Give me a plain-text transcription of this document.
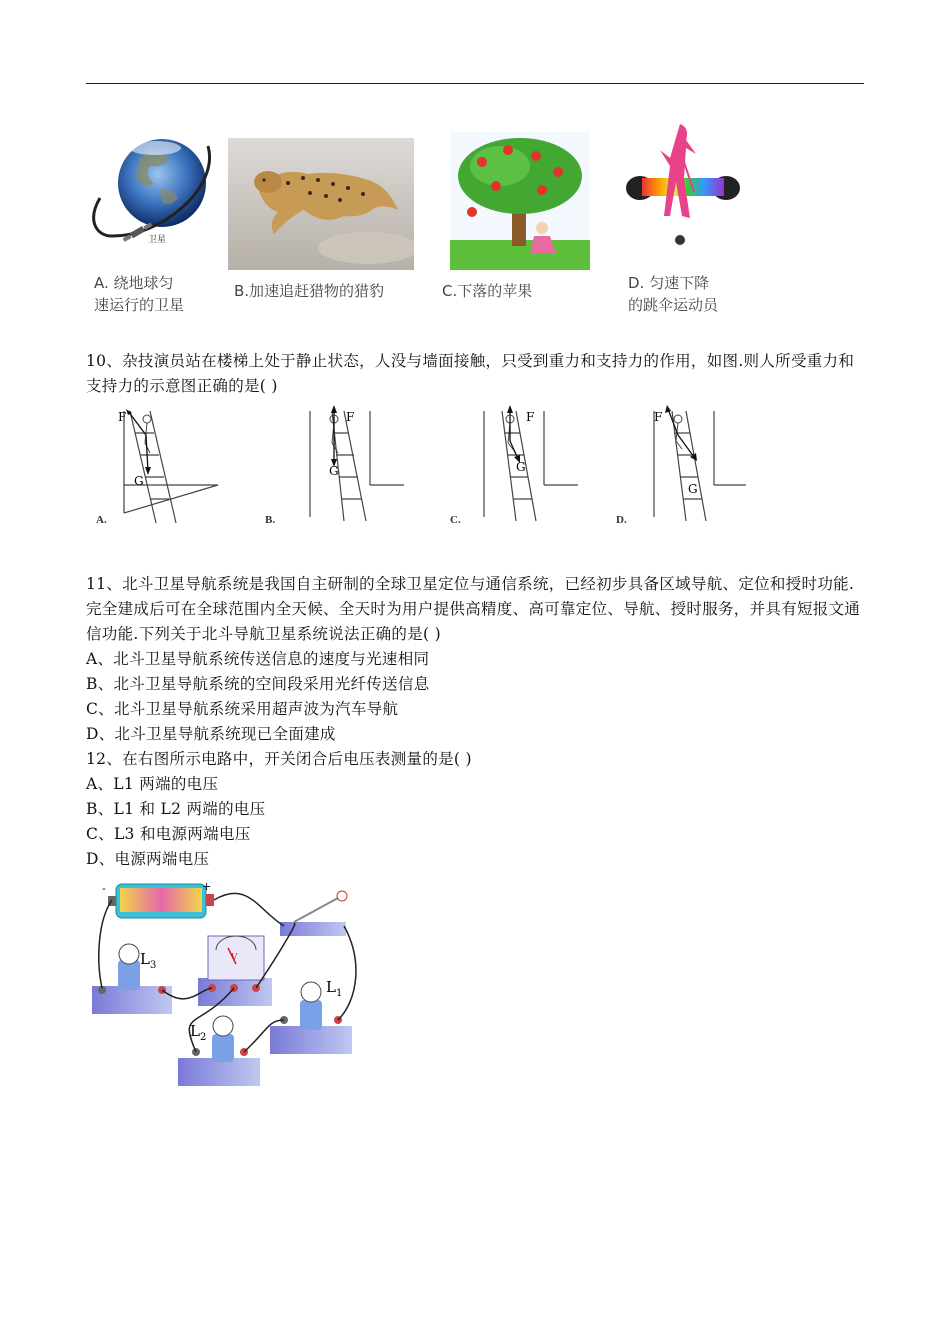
卫星
A. 绕地球匀
速运行的卫星
B.加速追赶猎物的猎豹	C.下落的苹果	D. 匀速下降
的跳伞运动员
10、杂技演员站在楼梯上处于静止状态，人没与墙面接触，只受到重力和支持力的作用，如图.则人所受重力和支持力的示意图正确的是( )
F
G
A.
F
G
B.
F
G
C.
F
G
D.
11、北斗卫星导航系统是我国自主研制的全球卫星定位与通信系统，已经初步具备区域导航、定位和授时功能.完全建成后可在全球范围内全天候、全天时为用户提供高精度、高可靠定位、导航、授时服务，并具有短报文通信功能.下列关于北斗导航卫星系统说法正确的是( )
A、北斗卫星导航系统传送信息的速度与光速相同
B、北斗卫星导航系统的空间段采用光纤传送信息
C、北斗卫星导航系统采用超声波为汽车导航
D、北斗卫星导航系统现已全面建成
12、在右图所示电路中，开关闭合后电压表测量的是( )
A、L1 两端的电压
B、L1 和 L2 两端的电压
C、L3 和电源两端电压
D、电源两端电压
-	+
V
$L_3$
$L_2$
$L_1$
